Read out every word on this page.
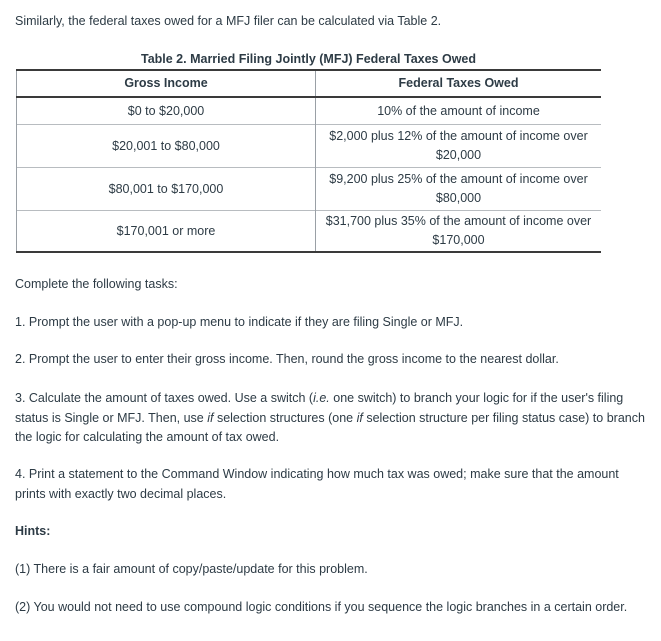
Similarly, the federal taxes owed for a MFJ filer can be calculated via Table 2.

Table 2. Married Filing Jointly (MFJ) Federal Taxes Owed
Gross Income	Federal Taxes Owed
$0 to $20,000	10% of the amount of income
$20,001 to $80,000	$2,000 plus 12% of the amount of income over $20,000
$80,001 to $170,000	$9,200 plus 25% of the amount of income over $80,000
$170,001 or more	$31,700 plus 35% of the amount of income over $170,000

Complete the following tasks:

1. Prompt the user with a pop-up menu to indicate if they are filing Single or MFJ.

2. Prompt the user to enter their gross income. Then, round the gross income to the nearest dollar.

3. Calculate the amount of taxes owed. Use a switch (i.e. one switch) to branch your logic for if the user's filing status is Single or MFJ. Then, use if selection structures (one if selection structure per filing status case) to branch the logic for calculating the amount of tax owed.

4. Print a statement to the Command Window indicating how much tax was owed; make sure that the amount prints with exactly two decimal places.

Hints:

(1) There is a fair amount of copy/paste/update for this problem.

(2) You would not need to use compound logic conditions if you sequence the logic branches in a certain order.
